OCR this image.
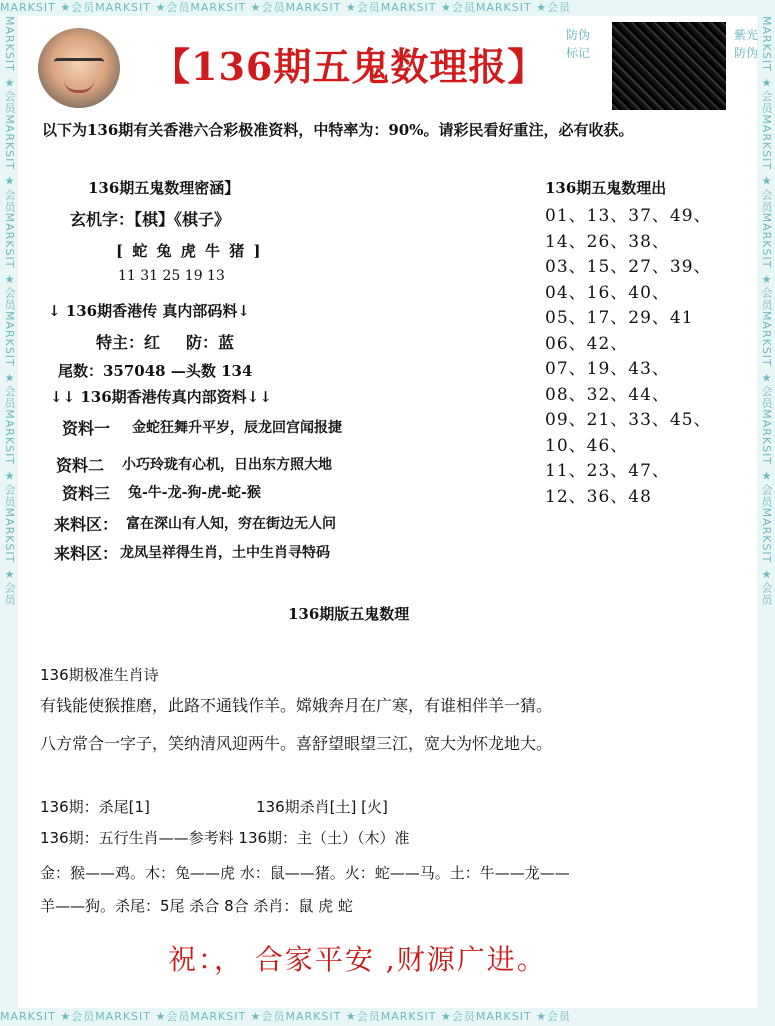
MARKSIT ★会员MARKSIT ★会员MARKSIT ★会员MARKSIT ★会员MARKSIT ★会员MARKSIT ★会员
MARKSIT ★会员MARKSIT ★会员MARKSIT ★会员MARKSIT ★会员MARKSIT ★会员MARKSIT ★会员
MARKSIT ★会员MARKSIT ★会员MARKSIT ★会员MARKSIT ★会员MARKSIT ★会员MARKSIT ★会员	MARKSIT ★会员MARKSIT ★会员MARKSIT ★会员MARKSIT ★会员MARKSIT ★会员MARKSIT ★会员
【136期五鬼数理报】
防伪标记
紫光防伪
以下为136期有关香港六合彩极准资料，中特率为：90%。请彩民看好重注，必有收获。
136期五鬼数理密涵】
玄机字：【棋】《棋子》
[ 蛇 兔 虎 牛 猪 ]
11 31 25 19 13
↓ 136期香港传 真内部码料↓
特主：红 防：蓝
尾数：357048 —头数 134
↓↓ 136期香港传真内部资料↓↓
资料一 金蛇狂舞升平岁，辰龙回宫闻报捷
资料二 小巧玲珑有心机，日出东方照大地
资料三 兔-牛-龙-狗-虎-蛇-猴
来料区： 富在深山有人知，穷在街边无人问
来料区： 龙凤呈祥得生肖，土中生肖寻特码
136期五鬼数理出
01、13、37、49、
14、26、38、
03、15、27、39、
04、16、40、
05、17、29、41
06、42、
07、19、43、
08、32、44、
09、21、33、45、
10、46、
11、23、47、
12、36、48
136期版五鬼数理
136期极准生肖诗
有钱能使猴推磨，此路不通钱作羊。嫦娥奔月在广寒，有谁相伴羊一猜。
八方常合一字子，笑纳清风迎两牛。喜舒望眼望三江，宽大为怀龙地大。
136期：杀尾[1]	136期杀肖[土] [火]
136期：五行生肖——参考料 136期：主（土）（木）准
金：猴——鸡。木：兔——虎 水：鼠——猪。火：蛇——马。土：牛——龙——
羊——狗。杀尾：5尾 杀合 8合 杀肖：鼠 虎 蛇
祝：， 合家平安 ,财源广进。
